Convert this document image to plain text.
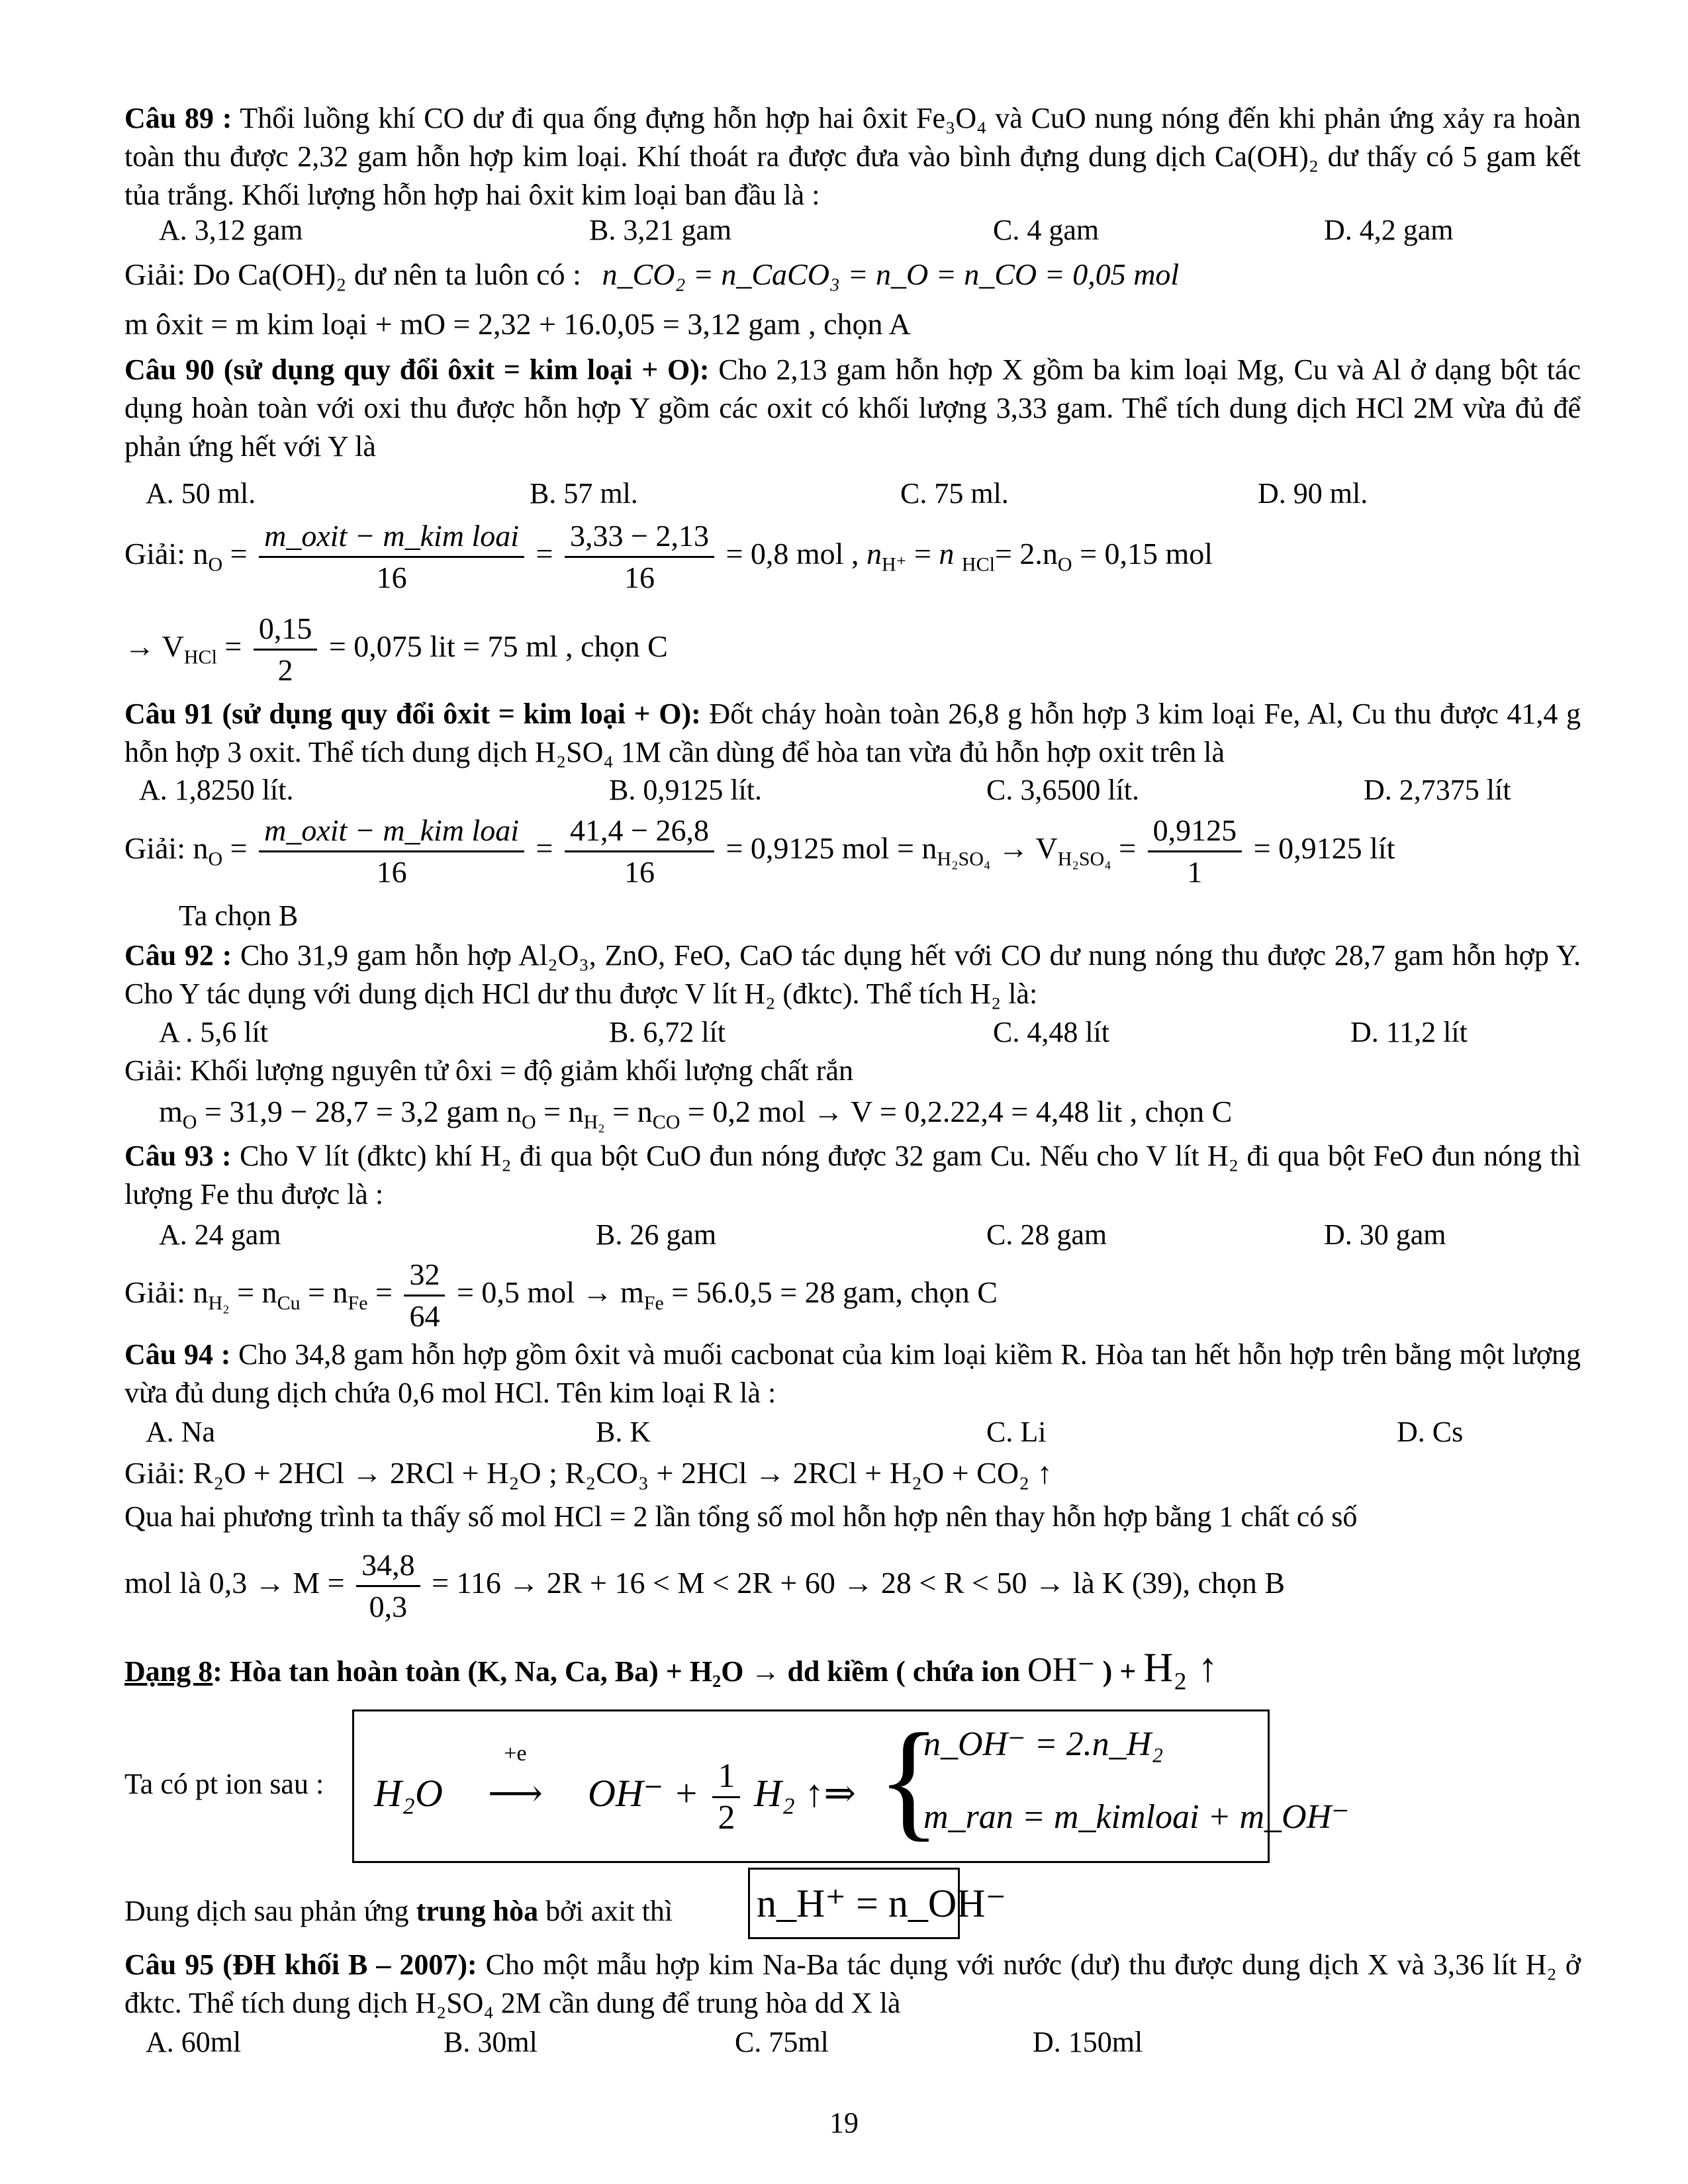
Câu 89 : Thổi luồng khí CO dư đi qua ống đựng hỗn hợp hai ôxit Fe₃O₄ và CuO nung nóng đến khi phản ứng xảy ra hoàn toàn thu được 2,32 gam hỗn hợp kim loại. Khí thoát ra được đưa vào bình đựng dung dịch Ca(OH)₂ dư thấy có 5 gam kết tủa trắng. Khối lượng hỗn hợp hai ôxit kim loại ban đầu là :
A. 3,12 gam	B. 3,21 gam	C. 4 gam	D. 4,2 gam
Giải: Do Ca(OH)₂ dư nên ta luôn có : n_CO₂ = n_CaCO₃ = n_O = n_CO = 0,05 mol
m ôxit = m kim loại + mO = 2,32 + 16.0,05 = 3,12 gam , chọn A
Câu 90 (sử dụng quy đổi ôxit = kim loại + O): Cho 2,13 gam hỗn hợp X gồm ba kim loại Mg, Cu và Al ở dạng bột tác dụng hoàn toàn với oxi thu được hỗn hợp Y gồm các oxit có khối lượng 3,33 gam. Thể tích dung dịch HCl 2M vừa đủ để phản ứng hết với Y là
A. 50 ml.	B. 57 ml.	C. 75 ml.	D. 90 ml.
Giải: $n_O = \frac{\text{m\_oxit − m\_kim loai}}{16} = \frac{3,33 - 2,13}{16} = 0,8$ mol , $n_{H^+} = n$ $_{HCl}= 2.n_O = 0,15$ mol
→ $V_{HCl} = \frac{0,15}{2} = 0,075$ lit = 75 ml , chọn C
Câu 91 (sử dụng quy đổi ôxit = kim loại + O): Đốt cháy hoàn toàn 26,8 g hỗn hợp 3 kim loại Fe, Al, Cu thu được 41,4 g hỗn hợp 3 oxit. Thể tích dung dịch H₂SO₄ 1M cần dùng để hòa tan vừa đủ hỗn hợp oxit trên là
A. 1,8250 lít.	B. 0,9125 lít.	C. 3,6500 lít.	D. 2,7375 lít
Giải: $n_O = \frac{\text{m\_oxit − m\_kim loai}}{16} = \frac{41,4 - 26,8}{16} = 0,9125$ mol = $n_{H_2SO_4} \to V_{H_2SO_4} = \frac{0,9125}{1} = 0,9125$ lít
Ta chọn B
Câu 92 : Cho 31,9 gam hỗn hợp Al₂O₃, ZnO, FeO, CaO tác dụng hết với CO dư nung nóng thu được 28,7 gam hỗn hợp Y. Cho Y tác dụng với dung dịch HCl dư thu được V lít H₂ (đktc). Thể tích H₂ là:
A . 5,6 lít	B. 6,72 lít	C. 4,48 lít	D. 11,2 lít
Giải: Khối lượng nguyên tử ôxi = độ giảm khối lượng chất rắn
$m_O = 31,9 - 28,7 = 3,2$ gam $n_O = n_{H_2} = n_{CO} = 0,2$ mol → V = 0,2.22,4 = 4,48 lit , chọn C
Câu 93 : Cho V lít (đktc) khí H₂ đi qua bột CuO đun nóng được 32 gam Cu. Nếu cho V lít H₂ đi qua bột FeO đun nóng thì lượng Fe thu được là :
A. 24 gam	B. 26 gam	C. 28 gam	D. 30 gam
Giải: $n_{H_2} = n_{Cu} = n_{Fe} = \frac{32}{64} = 0,5$ mol → $m_{Fe} = 56.0,5 = 28$ gam, chọn C
Câu 94 : Cho 34,8 gam hỗn hợp gồm ôxit và muối cacbonat của kim loại kiềm R. Hòa tan hết hỗn hợp trên bằng một lượng vừa đủ dung dịch chứa 0,6 mol HCl. Tên kim loại R là :
A. Na	B. K	C. Li	D. Cs
Giải: R₂O + 2HCl → 2RCl + H₂O ; R₂CO₃ + 2HCl → 2RCl + H₂O + CO₂ ↑
Qua hai phương trình ta thấy số mol HCl = 2 lần tổng số mol hỗn hợp nên thay hỗn hợp bằng 1 chất có số
mol là $0,3 \to M = \frac{34,8}{0,3} = 116 \to 2R + 16 < M < 2R + 60 \to 28 < R < 50$ → là K (39), chọn B
Dạng 8: Hòa tan hoàn toàn (K, Na, Ca, Ba) + H₂O → dd kiềm ( chứa ion OH⁻ ) + H₂ ↑
Ta có pt ion sau : H₂O
+e
⟶ $OH^- + \frac{1}{2} H_2$ ↑⇒ {
n_OH⁻ = 2.n_H₂
m_ran = m_kimloai + m_OH⁻
Dung dịch sau phản ứng trung hòa bởi axit thì n_H⁺ = n_OH⁻
Câu 95 (ĐH khối B – 2007): Cho một mẫu hợp kim Na-Ba tác dụng với nước (dư) thu được dung dịch X và 3,36 lít H₂ ở đktc. Thể tích dung dịch H₂SO₄ 2M cần dung để trung hòa dd X là
A. 60ml	B. 30ml	C. 75ml	D. 150ml
19
